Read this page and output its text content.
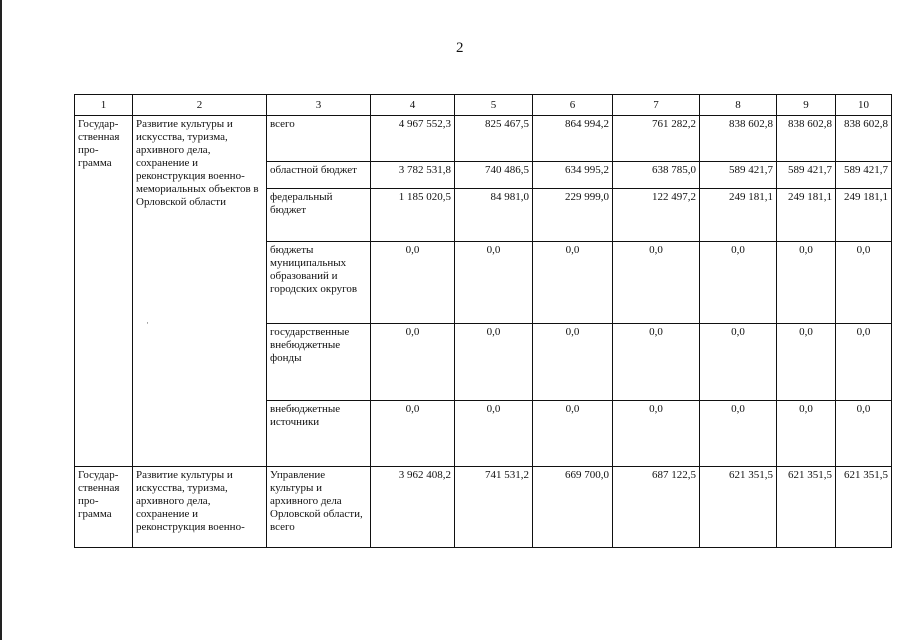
2
·
1	2	3	4	5	6	7	8	9	10
Государ-ственная про-грамма	Развитие культуры и искусства, туризма, архивного дела, сохранение и реконструкция военно-мемориальных объектов в Орловской области	всего	4 967 552,3	825 467,5	864 994,2	761 282,2	838 602,8	838 602,8	838 602,8
		областной бюджет	3 782 531,8	740 486,5	634 995,2	638 785,0	589 421,7	589 421,7	589 421,7
		федеральный бюджет	1 185 020,5	84 981,0	229 999,0	122 497,2	249 181,1	249 181,1	249 181,1
		бюджеты муниципальных образований и городских округов	0,0	0,0	0,0	0,0	0,0	0,0	0,0
		государственные внебюджетные фонды	0,0	0,0	0,0	0,0	0,0	0,0	0,0
		внебюджетные источники	0,0	0,0	0,0	0,0	0,0	0,0	0,0
Государ-ственная про-грамма	Развитие культуры и искусства, туризма, архивного дела, сохранение и реконструкция военно-	Управление культуры и архивного дела Орловской области, всего	3 962 408,2	741 531,2	669 700,0	687 122,5	621 351,5	621 351,5	621 351,5
